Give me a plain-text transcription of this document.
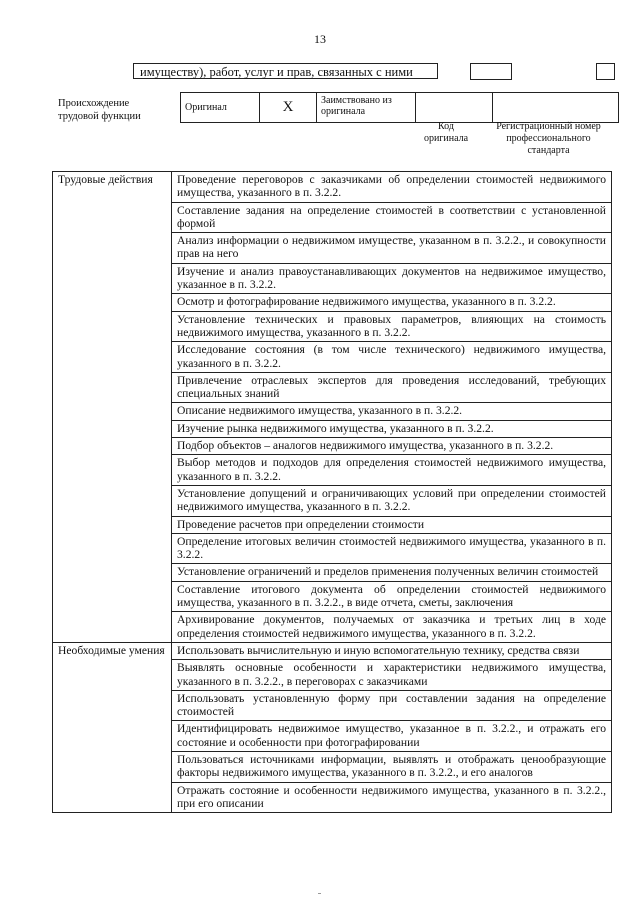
13
имуществу), работ, услуг и прав, связанных с ними
Происхождение
трудовой функции
Оригинал	X	Заимствовано из
оригинала

Код
оригинала
Регистрационный номер
профессионального
стандарта
Трудовые действия	Проведение переговоров с заказчиками об определении стоимостей недвижимого имущества, указанного в п. 3.2.2.
	Составление задания на определение стоимостей в соответствии с установленной формой
	Анализ информации о недвижимом имуществе, указанном в п. 3.2.2., и совокупности прав на него
	Изучение и анализ правоустанавливающих документов на недвижимое имущество, указанное в п. 3.2.2.
	Осмотр и фотографирование недвижимого имущества, указанного в п. 3.2.2.
	Установление технических и правовых параметров, влияющих на стоимость недвижимого имущества, указанного в п. 3.2.2.
	Исследование состояния (в том числе технического) недвижимого имущества, указанного в п. 3.2.2.
	Привлечение отраслевых экспертов для проведения исследований, требующих специальных знаний
	Описание недвижимого имущества, указанного в п. 3.2.2.
	Изучение рынка недвижимого имущества, указанного в п. 3.2.2.
	Подбор объектов – аналогов недвижимого имущества, указанного в п. 3.2.2.
	Выбор методов и подходов для определения стоимостей недвижимого имущества, указанного в п. 3.2.2.
	Установление допущений и ограничивающих условий при определении стоимостей недвижимого имущества, указанного в п. 3.2.2.
	Проведение расчетов при определении стоимости
	Определение итоговых величин стоимостей недвижимого имущества, указанного в п. 3.2.2.
	Установление ограничений и пределов применения полученных величин стоимостей
	Составление итогового документа об определении стоимостей недвижимого имущества, указанного в п. 3.2.2., в виде отчета, сметы, заключения
	Архивирование документов, получаемых от заказчика и третьих лиц в ходе определения стоимостей недвижимого имущества, указанного в п. 3.2.2.
Необходимые умения	Использовать вычислительную и иную вспомогательную технику, средства связи
	Выявлять основные особенности и характеристики недвижимого имущества, указанного в п. 3.2.2., в переговорах с заказчиками
	Использовать установленную форму при составлении задания на определение стоимостей
	Идентифицировать недвижимое имущество, указанное в п. 3.2.2., и отражать его состояние и особенности при фотографировании
	Пользоваться источниками информации, выявлять и отображать ценообразующие факторы недвижимого имущества, указанного в п. 3.2.2., и его аналогов
	Отражать состояние и особенности недвижимого имущества, указанного в п. 3.2.2., при его описании
